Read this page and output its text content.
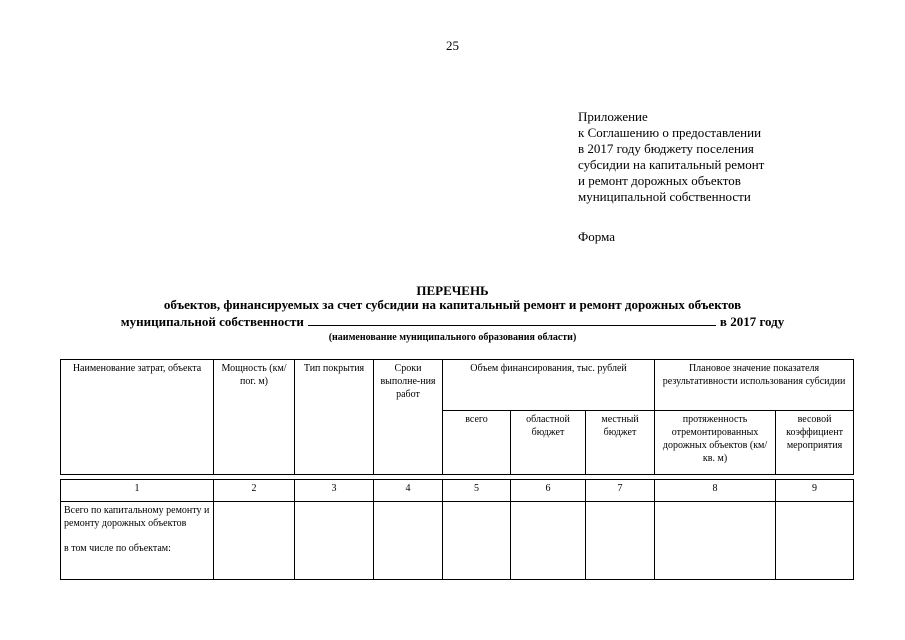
25
Приложение
к Соглашению о предоставлении
в 2017 году бюджету поселения
субсидии на капитальный ремонт
и ремонт дорожных объектов
муниципальной собственности
Форма
ПЕРЕЧЕНЬ
объектов, финансируемых за счет субсидии на капитальный ремонт и ремонт дорожных объектов
муниципальной собственности	в 2017 году
(наименование муниципального образования области)
Наименование затрат, объекта	Мощность (км/ пог. м)	Тип покрытия	Сроки выполне-ния работ	Объем финансирования, тыс. рублей			Плановое значение показателя результативности использования субсидии	
				всего	областной бюджет	местный бюджет	протяженность отремонтированных дорожных объектов (км/ кв. м)	весовой коэффициент мероприятия

1	2	3	4	5	6	7	8	9
Всего по капитальному ремонту и ремонту дорожных объектов
в том числе по объектам:								
